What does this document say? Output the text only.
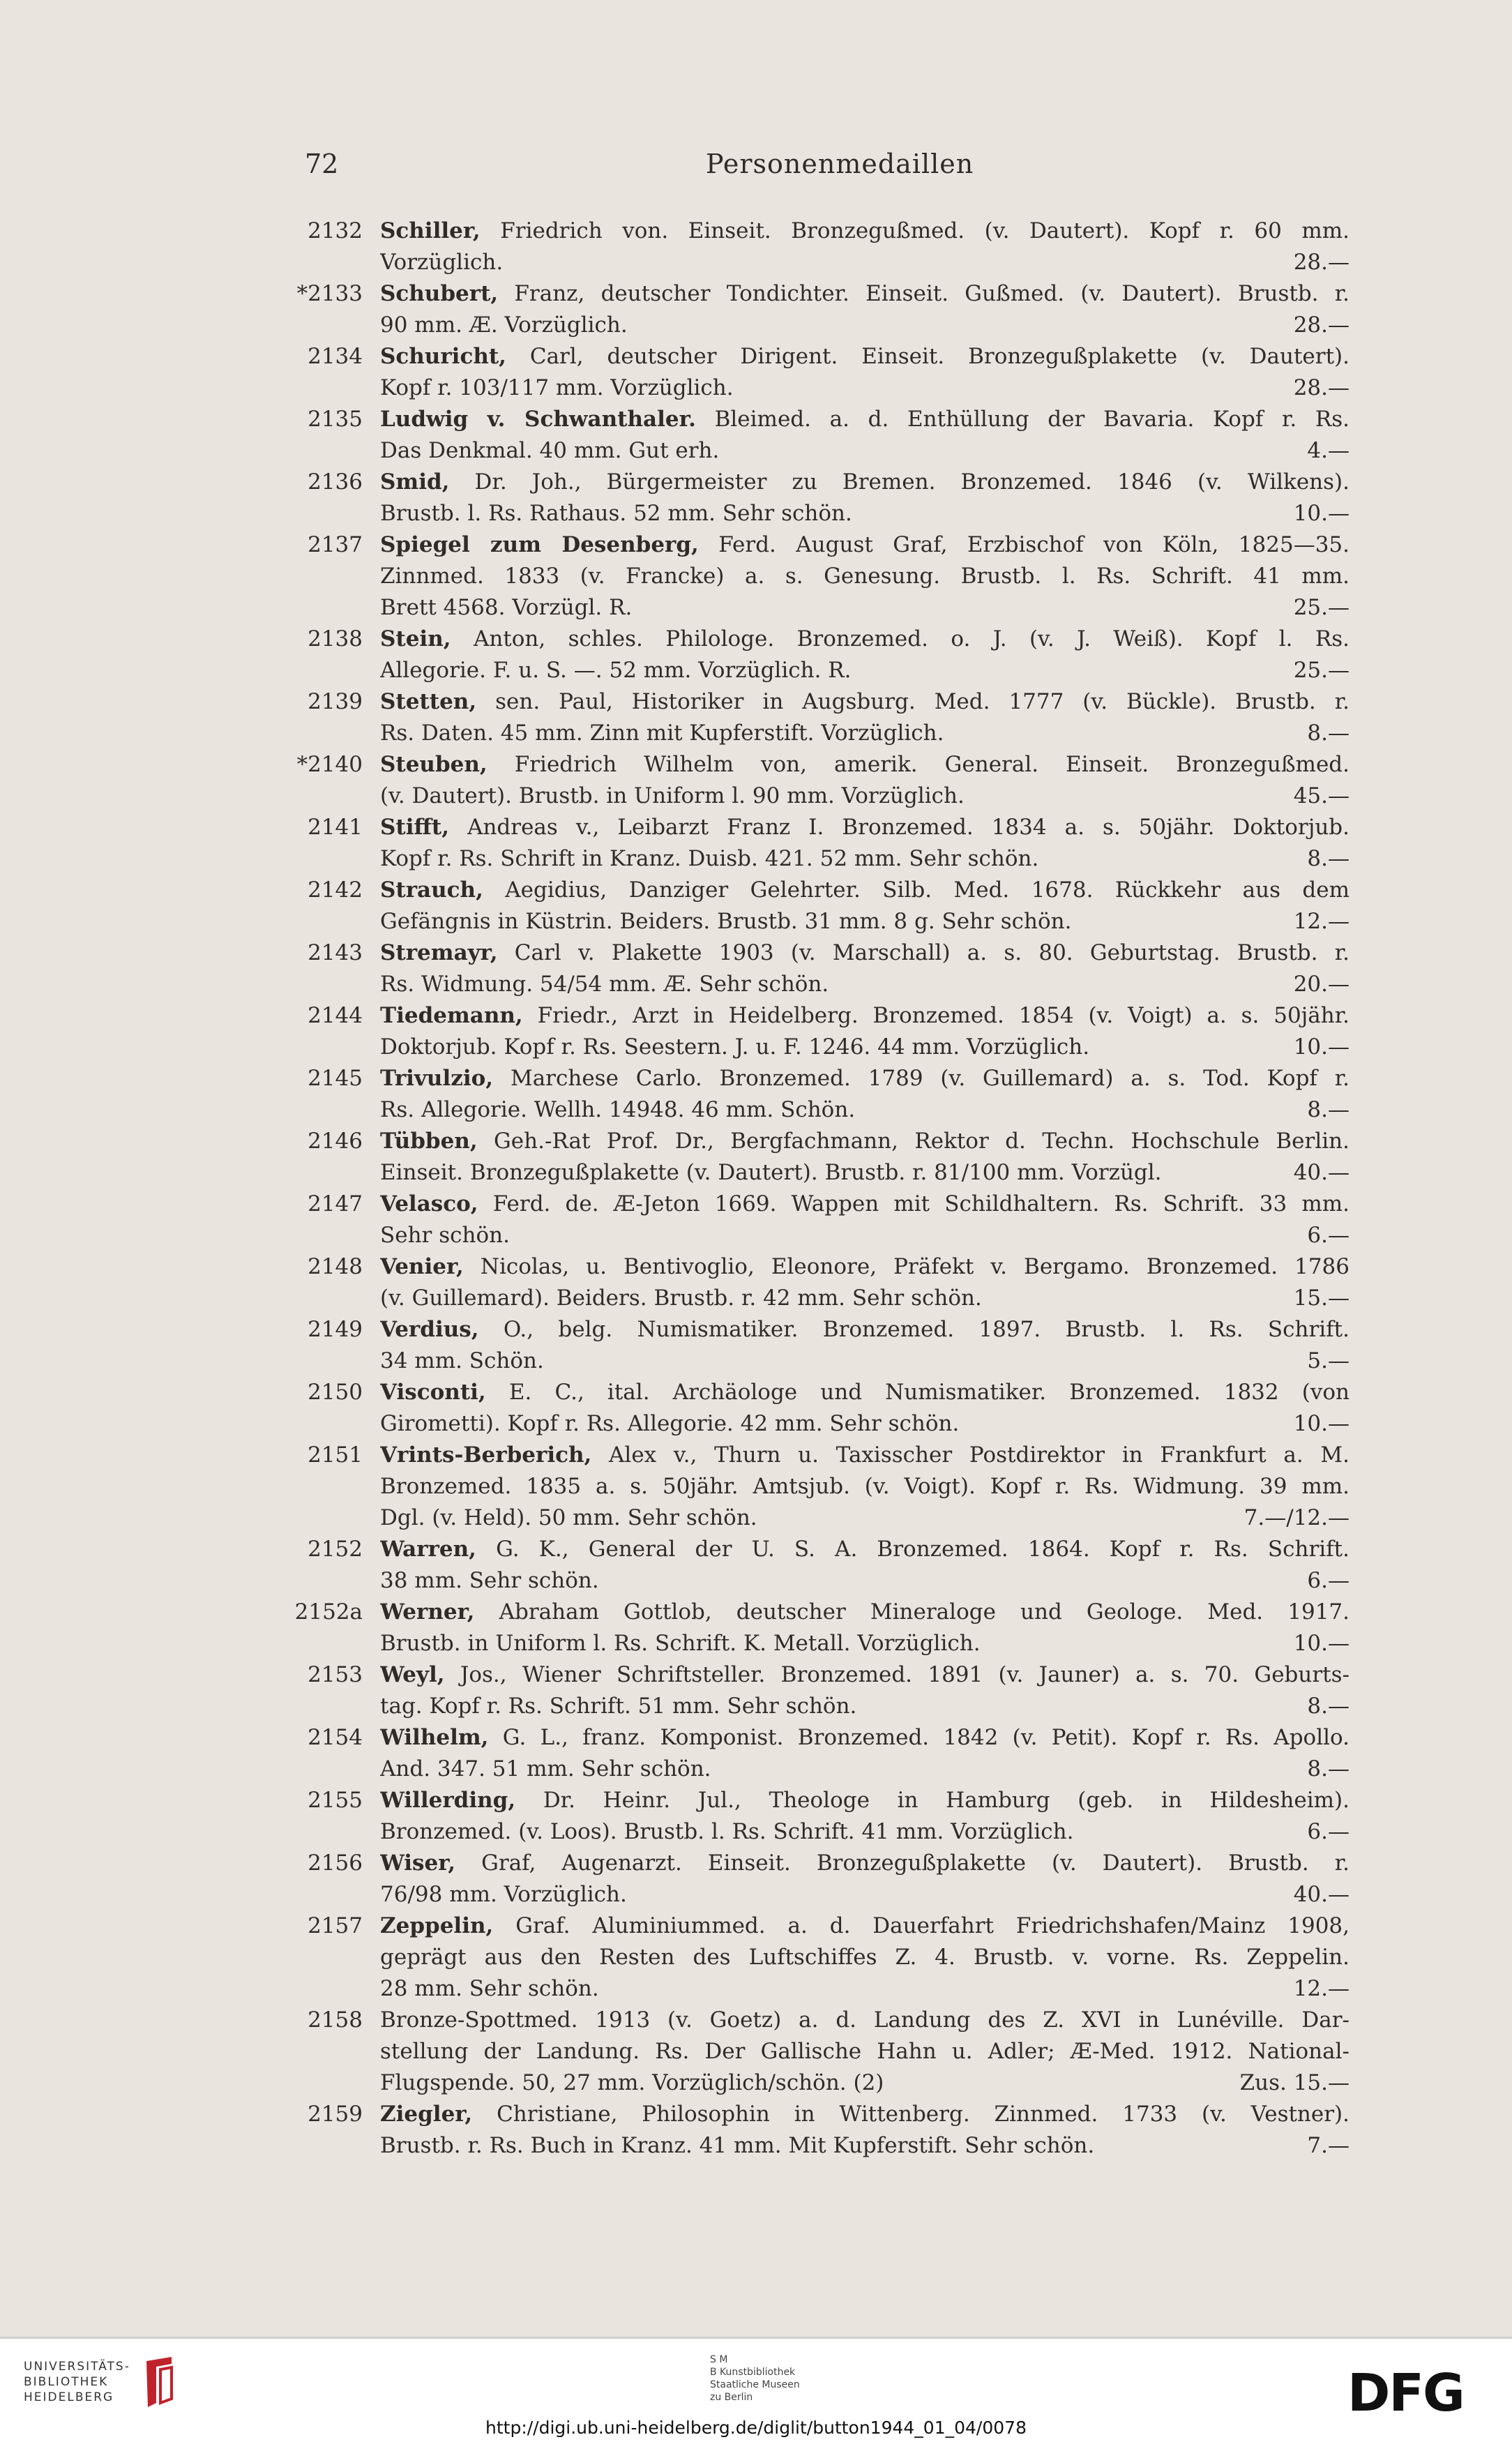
72	Personenmedaillen
2132 Schiller, Friedrich von. Einseit. Bronzegußmed. (v. Dautert). Kopf r. 60 mm.
Vorzüglich.	28.—
*2133 Schubert, Franz, deutscher Tondichter. Einseit. Gußmed. (v. Dautert). Brustb. r.
90 mm. Æ. Vorzüglich.	28.—
2134 Schuricht, Carl, deutscher Dirigent. Einseit. Bronzegußplakette (v. Dautert).
Kopf r. 103/117 mm. Vorzüglich.	28.—
2135 Ludwig v. Schwanthaler. Bleimed. a. d. Enthüllung der Bavaria. Kopf r. Rs.
Das Denkmal. 40 mm. Gut erh.	4.—
2136 Smid, Dr. Joh., Bürgermeister zu Bremen. Bronzemed. 1846 (v. Wilkens).
Brustb. l. Rs. Rathaus. 52 mm. Sehr schön.	10.—
2137 Spiegel zum Desenberg, Ferd. August Graf, Erzbischof von Köln, 1825—35.
Zinnmed. 1833 (v. Francke) a. s. Genesung. Brustb. l. Rs. Schrift. 41 mm.
Brett 4568. Vorzügl. R.	25.—
2138 Stein, Anton, schles. Philologe. Bronzemed. o. J. (v. J. Weiß). Kopf l. Rs.
Allegorie. F. u. S. —. 52 mm. Vorzüglich. R.	25.—
2139 Stetten, sen. Paul, Historiker in Augsburg. Med. 1777 (v. Bückle). Brustb. r.
Rs. Daten. 45 mm. Zinn mit Kupferstift. Vorzüglich.	8.—
*2140 Steuben, Friedrich Wilhelm von, amerik. General. Einseit. Bronzegußmed.
(v. Dautert). Brustb. in Uniform l. 90 mm. Vorzüglich.	45.—
2141 Stifft, Andreas v., Leibarzt Franz I. Bronzemed. 1834 a. s. 50jähr. Doktorjub.
Kopf r. Rs. Schrift in Kranz. Duisb. 421. 52 mm. Sehr schön.	8.—
2142 Strauch, Aegidius, Danziger Gelehrter. Silb. Med. 1678. Rückkehr aus dem
Gefängnis in Küstrin. Beiders. Brustb. 31 mm. 8 g. Sehr schön.	12.—
2143 Stremayr, Carl v. Plakette 1903 (v. Marschall) a. s. 80. Geburtstag. Brustb. r.
Rs. Widmung. 54/54 mm. Æ. Sehr schön.	20.—
2144 Tiedemann, Friedr., Arzt in Heidelberg. Bronzemed. 1854 (v. Voigt) a. s. 50jähr.
Doktorjub. Kopf r. Rs. Seestern. J. u. F. 1246. 44 mm. Vorzüglich.	10.—
2145 Trivulzio, Marchese Carlo. Bronzemed. 1789 (v. Guillemard) a. s. Tod. Kopf r.
Rs. Allegorie. Wellh. 14948. 46 mm. Schön.	8.—
2146 Tübben, Geh.-Rat Prof. Dr., Bergfachmann, Rektor d. Techn. Hochschule Berlin.
Einseit. Bronzegußplakette (v. Dautert). Brustb. r. 81/100 mm. Vorzügl.	40.—
2147 Velasco, Ferd. de. Æ-Jeton 1669. Wappen mit Schildhaltern. Rs. Schrift. 33 mm.
Sehr schön.	6.—
2148 Venier, Nicolas, u. Bentivoglio, Eleonore, Präfekt v. Bergamo. Bronzemed. 1786
(v. Guillemard). Beiders. Brustb. r. 42 mm. Sehr schön.	15.—
2149 Verdius, O., belg. Numismatiker. Bronzemed. 1897. Brustb. l. Rs. Schrift.
34 mm. Schön.	5.—
2150 Visconti, E. C., ital. Archäologe und Numismatiker. Bronzemed. 1832 (von
Girometti). Kopf r. Rs. Allegorie. 42 mm. Sehr schön.	10.—
2151 Vrints-Berberich, Alex v., Thurn u. Taxisscher Postdirektor in Frankfurt a. M.
Bronzemed. 1835 a. s. 50jähr. Amtsjub. (v. Voigt). Kopf r. Rs. Widmung. 39 mm.
Dgl. (v. Held). 50 mm. Sehr schön.	7.—/12.—
2152 Warren, G. K., General der U. S. A. Bronzemed. 1864. Kopf r. Rs. Schrift.
38 mm. Sehr schön.	6.—
2152a Werner, Abraham Gottlob, deutscher Mineraloge und Geologe. Med. 1917.
Brustb. in Uniform l. Rs. Schrift. K. Metall. Vorzüglich.	10.—
2153 Weyl, Jos., Wiener Schriftsteller. Bronzemed. 1891 (v. Jauner) a. s. 70. Geburts-
tag. Kopf r. Rs. Schrift. 51 mm. Sehr schön.	8.—
2154 Wilhelm, G. L., franz. Komponist. Bronzemed. 1842 (v. Petit). Kopf r. Rs. Apollo.
And. 347. 51 mm. Sehr schön.	8.—
2155 Willerding, Dr. Heinr. Jul., Theologe in Hamburg (geb. in Hildesheim).
Bronzemed. (v. Loos). Brustb. l. Rs. Schrift. 41 mm. Vorzüglich.	6.—
2156 Wiser, Graf, Augenarzt. Einseit. Bronzegußplakette (v. Dautert). Brustb. r.
76/98 mm. Vorzüglich.	40.—
2157 Zeppelin, Graf. Aluminiummed. a. d. Dauerfahrt Friedrichshafen/Mainz 1908,
geprägt aus den Resten des Luftschiffes Z. 4. Brustb. v. vorne. Rs. Zeppelin.
28 mm. Sehr schön.	12.—
2158 Bronze-Spottmed. 1913 (v. Goetz) a. d. Landung des Z. XVI in Lunéville. Dar-
stellung der Landung. Rs. Der Gallische Hahn u. Adler; Æ-Med. 1912. National-
Flugspende. 50, 27 mm. Vorzüglich/schön. (2)	Zus. 15.—
2159 Ziegler, Christiane, Philosophin in Wittenberg. Zinnmed. 1733 (v. Vestner).
Brustb. r. Rs. Buch in Kranz. 41 mm. Mit Kupferstift. Sehr schön.	7.—
UNIVERSITÄTS-
BIBLIOTHEK
HEIDELBERG
S M
B Kunstbibliothek
Staatliche Museen
zu Berlin	DFG
http://digi.ub.uni-heidelberg.de/diglit/button1944_01_04/0078
